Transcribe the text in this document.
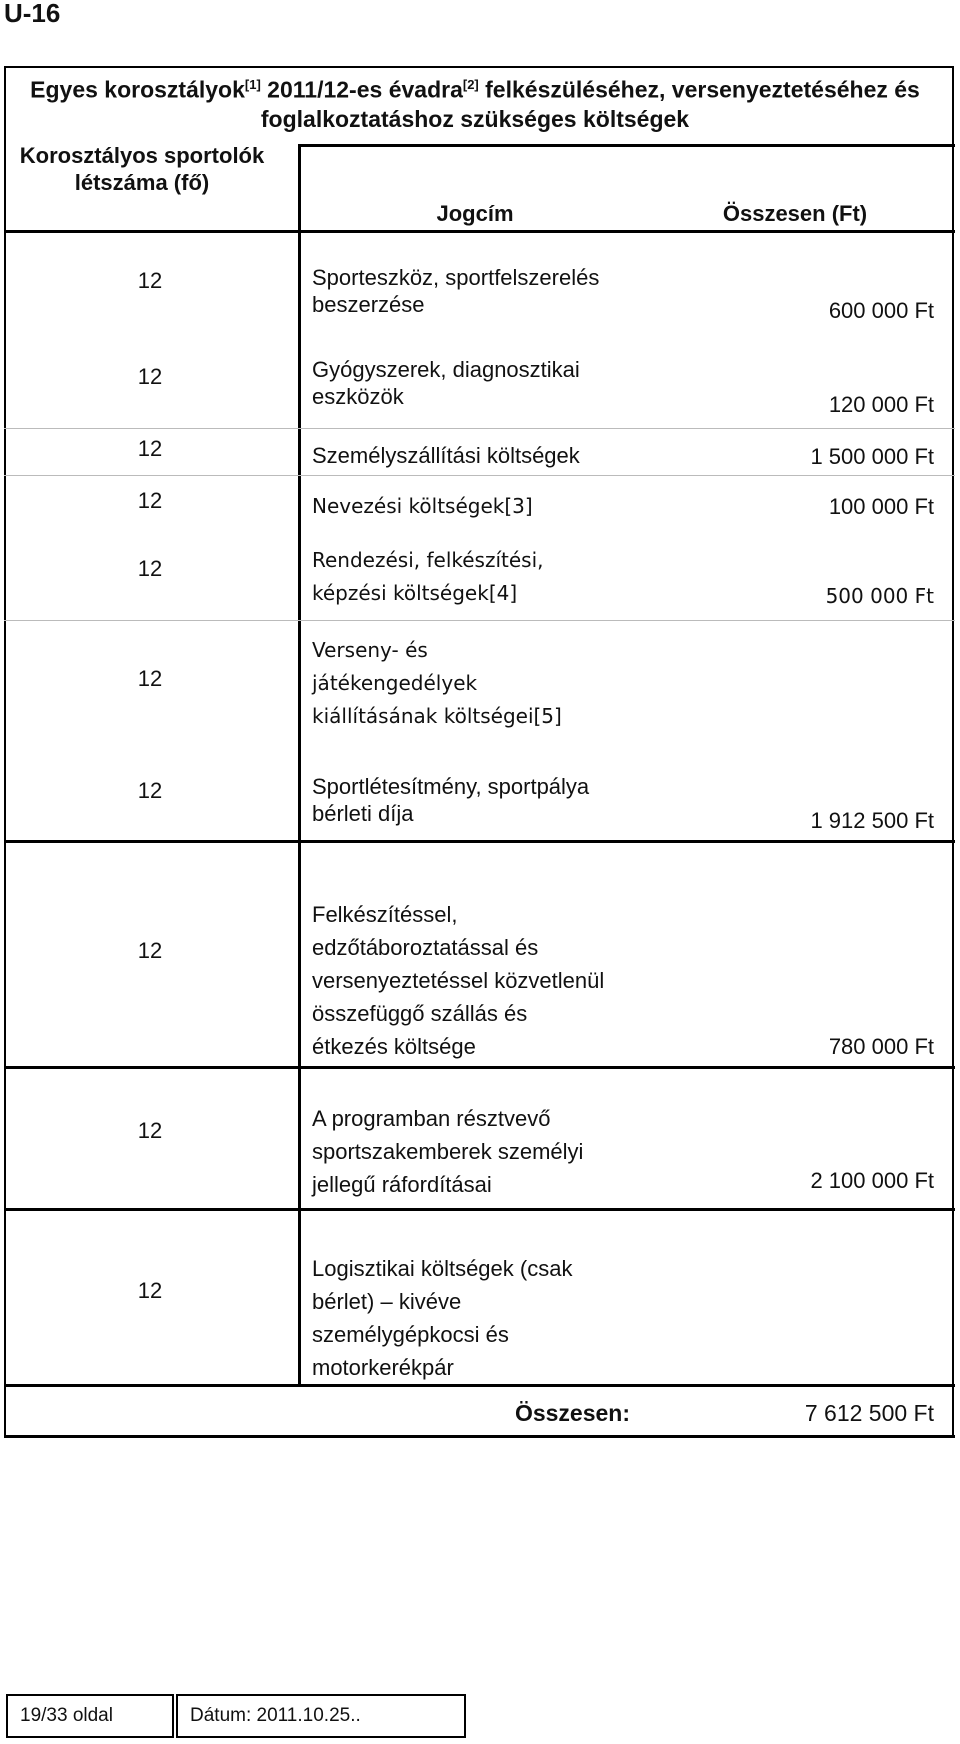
U-16
Egyes korosztályok[1] 2011/12-es évadra[2] felkészüléséhez, versenyeztetéséhez és
foglalkoztatáshoz szükséges költségek
Korosztályos sportolók
létszáma (fő)
Jogcím	Összesen (Ft)
12	Sporteszköz, sportfelszerelés
beszerzése	600 000 Ft
12	Gyógyszerek, diagnosztikai
eszközök	120 000 Ft
12	Személyszállítási költségek	1 500 000 Ft
12	Nevezési költségek[3]	100 000 Ft
12	Rendezési, felkészítési,
képzési költségek[4]	500 000 Ft
12
Verseny- és
játékengedélyek
kiállításának költségei[5]
12	Sportlétesítmény, sportpálya
bérleti díja	1 912 500 Ft
12
Felkészítéssel,
edzőtáboroztatással és
versenyeztetéssel közvetlenül
összefüggő szállás és
étkezés költsége	780 000 Ft
12	A programban résztvevő
sportszakemberek személyi
jellegű ráfordításai	2 100 000 Ft
12
Logisztikai költségek (csak
bérlet) – kivéve
személygépkocsi és
motorkerékpár
Összesen:	7 612 500 Ft
19/33 oldal	Dátum: 2011.10.25..
